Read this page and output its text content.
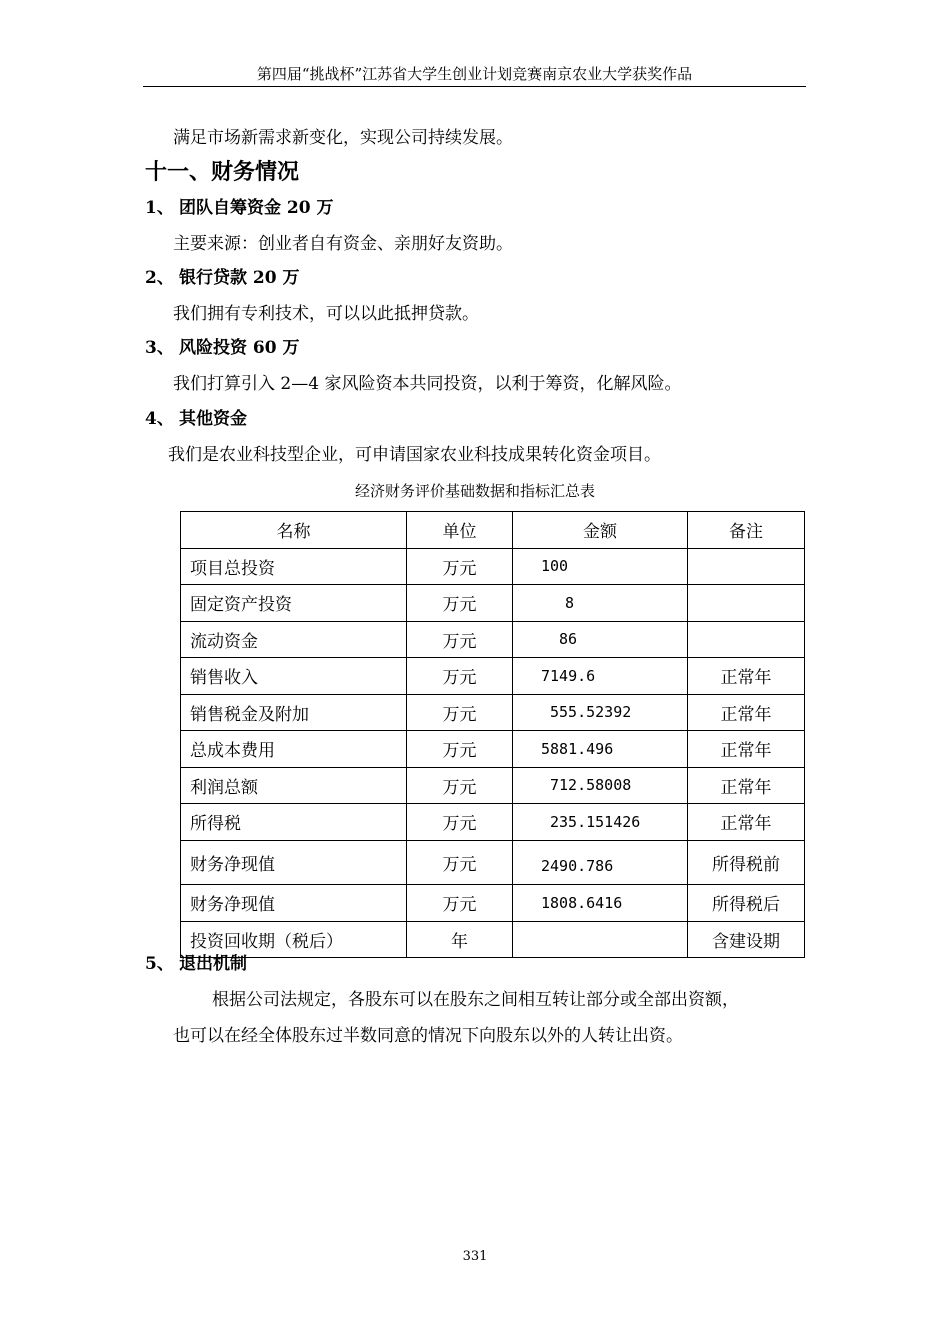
第四届“挑战杯”江苏省大学生创业计划竞赛南京农业大学获奖作品
满足市场新需求新变化，实现公司持续发展。
十一、财务情况
1、 团队自筹资金 20 万
主要来源：创业者自有资金、亲朋好友资助。
2、 银行贷款 20 万
我们拥有专利技术，可以以此抵押贷款。
3、 风险投资 60 万
我们打算引入 2—4 家风险资本共同投资，以利于筹资，化解风险。
4、 其他资金
我们是农业科技型企业，可申请国家农业科技成果转化资金项目。
经济财务评价基础数据和指标汇总表
名称	单位	金额	备注
项目总投资	万元	100	
固定资产投资	万元	8	
流动资金	万元	86	
销售收入	万元	7149.6	正常年
销售税金及附加	万元	555.52392	正常年
总成本费用	万元	5881.496	正常年
利润总额	万元	712.58008	正常年
所得税	万元	235.151426	正常年
财务净现值	万元	2490.786	所得税前
财务净现值	万元	1808.6416	所得税后
投资回收期（税后）	年		含建设期
5、 退出机制
根据公司法规定，各股东可以在股东之间相互转让部分或全部出资额，
也可以在经全体股东过半数同意的情况下向股东以外的人转让出资。
331
